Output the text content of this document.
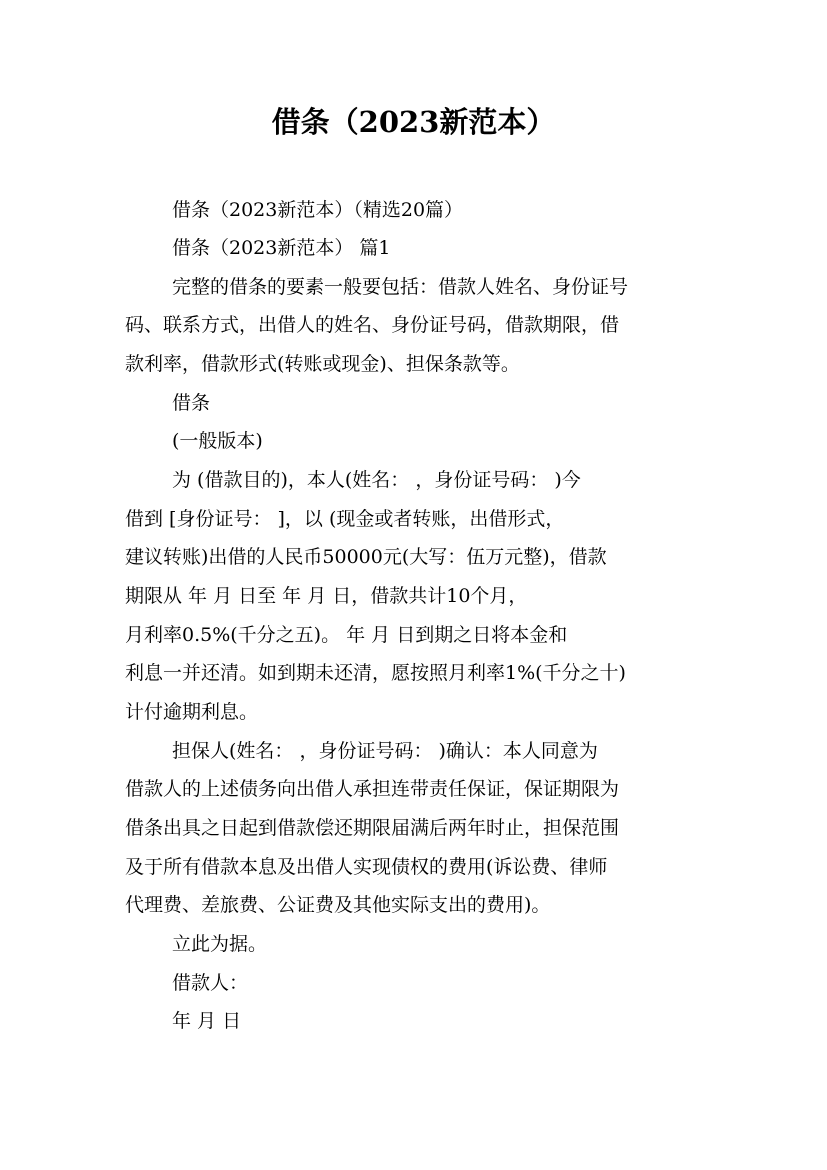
借条（2023新范本）

借条（2023新范本）（精选20篇）

借条（2023新范本） 篇1

完整的借条的要素一般要包括：借款人姓名、身份证号

码、联系方式，出借人的姓名、身份证号码，借款期限，借

款利率，借款形式(转账或现金)、担保条款等。

借条

(一般版本)

为 (借款目的)，本人(姓名： ，身份证号码： )今

借到 [身份证号： ]，以 (现金或者转账，出借形式，

建议转账)出借的人民币50000元(大写：伍万元整)，借款

期限从 年 月 日至 年 月 日，借款共计10个月，

月利率0.5%(千分之五)。 年 月 日到期之日将本金和

利息一并还清。如到期未还清，愿按照月利率1%(千分之十)

计付逾期利息。

担保人(姓名： ，身份证号码： )确认：本人同意为

借款人的上述债务向出借人承担连带责任保证，保证期限为

借条出具之日起到借款偿还期限届满后两年时止，担保范围

及于所有借款本息及出借人实现债权的费用(诉讼费、律师

代理费、差旅费、公证费及其他实际支出的费用)。

立此为据。

借款人：

年 月 日
